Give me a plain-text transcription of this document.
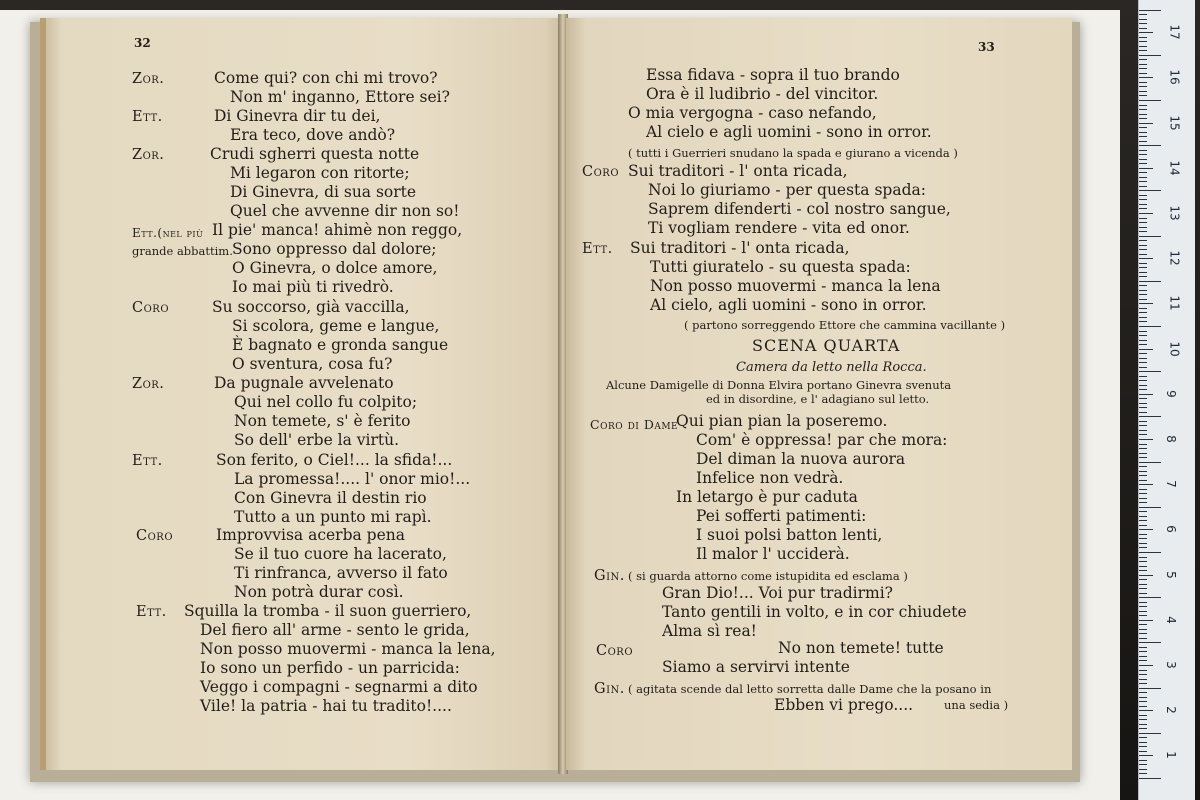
32
Zor.	Come qui? con chi mi trovo?
Non m' inganno, Ettore sei?
Ett.	Di Ginevra dir tu dei,
Era teco, dove andò?
Zor.	Crudi sgherri questa notte
Mi legaron con ritorte;
Di Ginevra, di sua sorte
Quel che avvenne dir non so!
Ett.(nel più Il pie' manca! ahimè non reggo,
grande abbattim. Sono oppresso dal dolore;
O Ginevra, o dolce amore,
Io mai più ti rivedrò.
Coro	Su soccorso, già vaccilla,
Si scolora, geme e langue,
È bagnato e gronda sangue
O sventura, cosa fu?
Zor.	Da pugnale avvelenato
Qui nel collo fu colpito;
Non temete, s' è ferito
So dell' erbe la virtù.
Ett.	Son ferito, o Ciel!... la sfida!...
La promessa!.... l' onor mio!...
Con Ginevra il destin rio
Tutto a un punto mi rapì.
Coro	Improvvisa acerba pena
Se il tuo cuore ha lacerato,
Ti rinfranca, avverso il fato
Non potrà durar così.
Ett. Squilla la tromba - il suon guerriero,
Del fiero all' arme - sento le grida,
Non posso muovermi - manca la lena,
Io sono un perfido - un parricida:
Veggo i compagni - segnarmi a dito
Vile! la patria - hai tu tradito!....
33
Essa fidava - sopra il tuo brando
Ora è il ludibrio - del vincitor.
O mia vergogna - caso nefando,
Al cielo e agli uomini - sono in orror.
( tutti i Guerrieri snudano la spada e giurano a vicenda )
Coro Sui traditori - l' onta ricada,
Noi lo giuriamo - per questa spada:
Saprem difenderti - col nostro sangue,
Ti vogliam rendere - vita ed onor.
Ett. Sui traditori - l' onta ricada,
Tutti giuratelo - su questa spada:
Non posso muovermi - manca la lena
Al cielo, agli uomini - sono in orror.
( partono sorreggendo Ettore che cammina vacillante )
SCENA QUARTA
Camera da letto nella Rocca.
Alcune Damigelle di Donna Elvira portano Ginevra svenuta
ed in disordine, e l' adagiano sul letto.
Coro di Dame
Qui pian pian la poseremo.
Com' è oppressa! par che mora:
Del diman la nuova aurora
Infelice non vedrà.
In letargo è pur caduta
Pei sofferti patimenti:
I suoi polsi batton lenti,
Il malor l' ucciderà.
Gin. ( si guarda attorno come istupidita ed esclama )
Gran Dio!... Voi pur tradirmi?
Tanto gentili in volto, e in cor chiudete
Alma sì rea!
Coro	No non temete! tutte
Siamo a servirvi intente
Gin. ( agitata scende dal letto sorretta dalle Dame che la posano in
una sedia )
Ebben vi prego....
1
2
3
4
5
6
7
8
9
10
11
12
13
14
15
16
17
